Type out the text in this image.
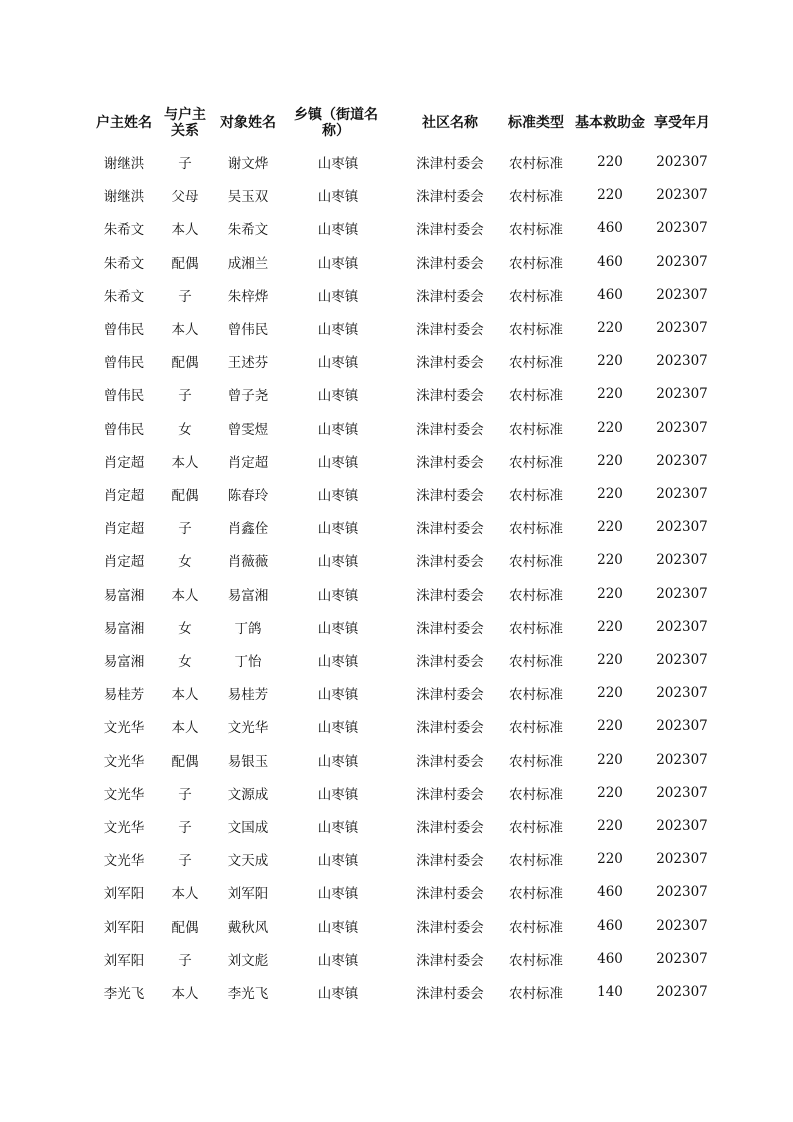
户主姓名 与户主关系	对象姓名	乡镇（街道名称）	社区名称	标准类型 基本救助金 享受年月
谢继洪	子	谢文烨	山枣镇	洙津村委会	农村标准	220	202307
谢继洪	父母	吴玉双	山枣镇	洙津村委会	农村标准	220	202307
朱希文	本人	朱希文	山枣镇	洙津村委会	农村标准	460	202307
朱希文	配偶	成湘兰	山枣镇	洙津村委会	农村标准	460	202307
朱希文	子	朱梓烨	山枣镇	洙津村委会	农村标准	460	202307
曾伟民	本人	曾伟民	山枣镇	洙津村委会	农村标准	220	202307
曾伟民	配偶	王述芬	山枣镇	洙津村委会	农村标准	220	202307
曾伟民	子	曾子尧	山枣镇	洙津村委会	农村标准	220	202307
曾伟民	女	曾雯煜	山枣镇	洙津村委会	农村标准	220	202307
肖定超	本人	肖定超	山枣镇	洙津村委会	农村标准	220	202307
肖定超	配偶	陈春玲	山枣镇	洙津村委会	农村标准	220	202307
肖定超	子	肖鑫佺	山枣镇	洙津村委会	农村标准	220	202307
肖定超	女	肖薇薇	山枣镇	洙津村委会	农村标准	220	202307
易富湘	本人	易富湘	山枣镇	洙津村委会	农村标准	220	202307
易富湘	女	丁鸽	山枣镇	洙津村委会	农村标准	220	202307
易富湘	女	丁怡	山枣镇	洙津村委会	农村标准	220	202307
易桂芳	本人	易桂芳	山枣镇	洙津村委会	农村标准	220	202307
文光华	本人	文光华	山枣镇	洙津村委会	农村标准	220	202307
文光华	配偶	易银玉	山枣镇	洙津村委会	农村标准	220	202307
文光华	子	文源成	山枣镇	洙津村委会	农村标准	220	202307
文光华	子	文国成	山枣镇	洙津村委会	农村标准	220	202307
文光华	子	文天成	山枣镇	洙津村委会	农村标准	220	202307
刘军阳	本人	刘军阳	山枣镇	洙津村委会	农村标准	460	202307
刘军阳	配偶	戴秋风	山枣镇	洙津村委会	农村标准	460	202307
刘军阳	子	刘文彪	山枣镇	洙津村委会	农村标准	460	202307
李光飞	本人	李光飞	山枣镇	洙津村委会	农村标准	140	202307
